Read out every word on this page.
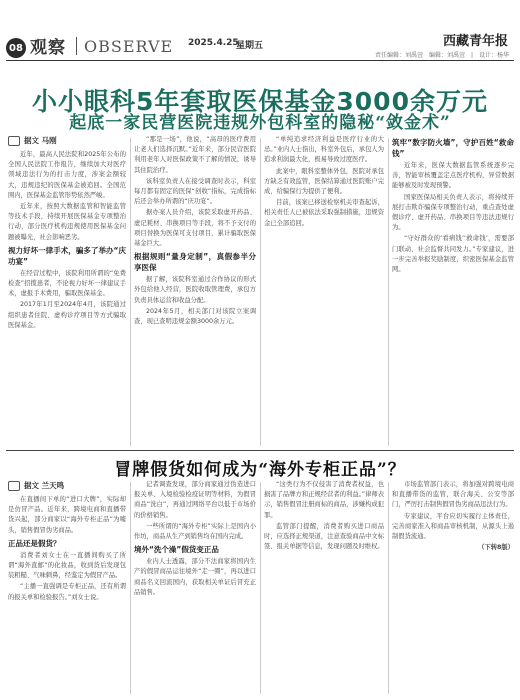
08 观察 OBSERVE 2025.4.25
星期五	西藏青年报
责任编辑：刘禹萱　编辑：刘禹萱　|　设计：杨华
小小眼科5年套取医保基金3000余万元
起底一家民营医院违规外包科室的隐秘“敛金术”
据文 马刚

近年，最高人民法院和2025年公布的全国人民法院工作报告，继续加大对医疗领域违法行为的打击力度，涉案金额较大，违规违纪的医保基金被追回。全国范围内，医保基金监管形势依然严峻。

近年来，按照大数据监管和智能监管等技术手段，持续开展医保基金专项整治行动，部分医疗机构违规使用医保基金问题被曝光，社会影响恶劣。

视力好坏一律手术，骗多了举办“庆功宴”

在经营过程中，该院利用所谓的“免费检查”招揽患者，不论视力好坏一律建议手术，虚报手术费用，骗取医保基金。

2017年1月至2024年4月，该院通过组织患者住院、虚构诊疗项目等方式骗取医保基金。

“那是一场”，他说，“高昂的医疗费用让老人们选择沉默。”近年来，部分民营医院利用老年人对医保政策不了解的情况，诱导其住院治疗。

该科室负责人在接受调查时表示，科室每月都有固定的医保“创收”指标，完成指标后还会举办所谓的“庆功宴”。

据办案人员介绍，该院采取虚开药品、虚记耗材、串换项目等手段，将不予支付的项目替换为医保可支付项目，累计骗取医保基金巨大。

根据规则“量身定制”，真假参半分享医保

据了解，该院科室通过合作协议的形式外包给他人经营，医院收取管理费，承包方负责具体运营和收益分配。

2024年5月，相关部门对该院立案调查，现已查明违规金额3000余万元。

“单纯追求经济利益是医疗行业的大忌。”业内人士指出，科室外包后，承包人为追求利润最大化，极易导致过度医疗。

此案中，眼科室整体外包，医院对承包方缺乏有效监管，医保结算通过医院账户完成，给骗保行为提供了便利。

目前，该案已移送检察机关审查起诉，相关责任人已被依法采取强制措施，违规资金已全部追回。

筑牢“数字防火墙”，守护百姓“救命钱”

近年来，医保大数据监管系统逐步完善，智能审核覆盖定点医疗机构，异常数据能够被及时发现预警。

国家医保局相关负责人表示，将持续开展打击欺诈骗保专项整治行动，重点查处虚假诊疗、虚开药品、串换项目等违法违规行为。

“守好群众的‘看病钱’‘救命钱’，需要部门联动、社会监督共同发力。”专家建议，进一步完善举报奖励制度，织密医保基金监管网。

冒牌假货如何成为“海外专柜正品”？
据文 兰天鸣

在直播间下单的“进口大牌”，实际却是仿冒产品。近年来，跨境电商和直播带货兴起，部分商家以“海外专柜正品”为噱头，销售假冒伪劣商品。

正品还是假货？

消费者刘女士在一直播间购买了所谓“海外直邮”的化妆品，收到货后发现包装粗糙、气味刺鼻，经鉴定为假冒产品。

“主播一直强调是专柜正品，还有所谓的报关单和检验报告。”刘女士说。

记者调查发现，部分商家通过伪造进口报关单、入境检验检疫证明等材料，为假冒商品“洗白”，再通过网络平台以低于市场价的价格销售。

一些所谓的“海外专柜”实际上是国内小作坊，商品从生产到销售均在国内完成。

境外“洗个澡”假货变正品

业内人士透露，部分不法商家将国内生产的假冒商品运往境外“走一圈”，再以进口商品名义回流国内，获取相关单证后冒充正品销售。

“这类行为不仅侵害了消费者权益，也损害了品牌方和正规经营者的利益。”律师表示，销售假冒注册商标的商品，涉嫌构成犯罪。

监管部门提醒，消费者购买进口商品时，应选择正规渠道，注意查验商品中文标签、报关单据等信息，发现问题及时维权。

市场监管部门表示，将加强对跨境电商和直播带货的监管，联合海关、公安等部门，严厉打击制售假冒伪劣商品违法行为。

专家建议，平台应切实履行主体责任，完善商家准入和商品审核机制，从源头上遏制假货流通。

（下转8版）
